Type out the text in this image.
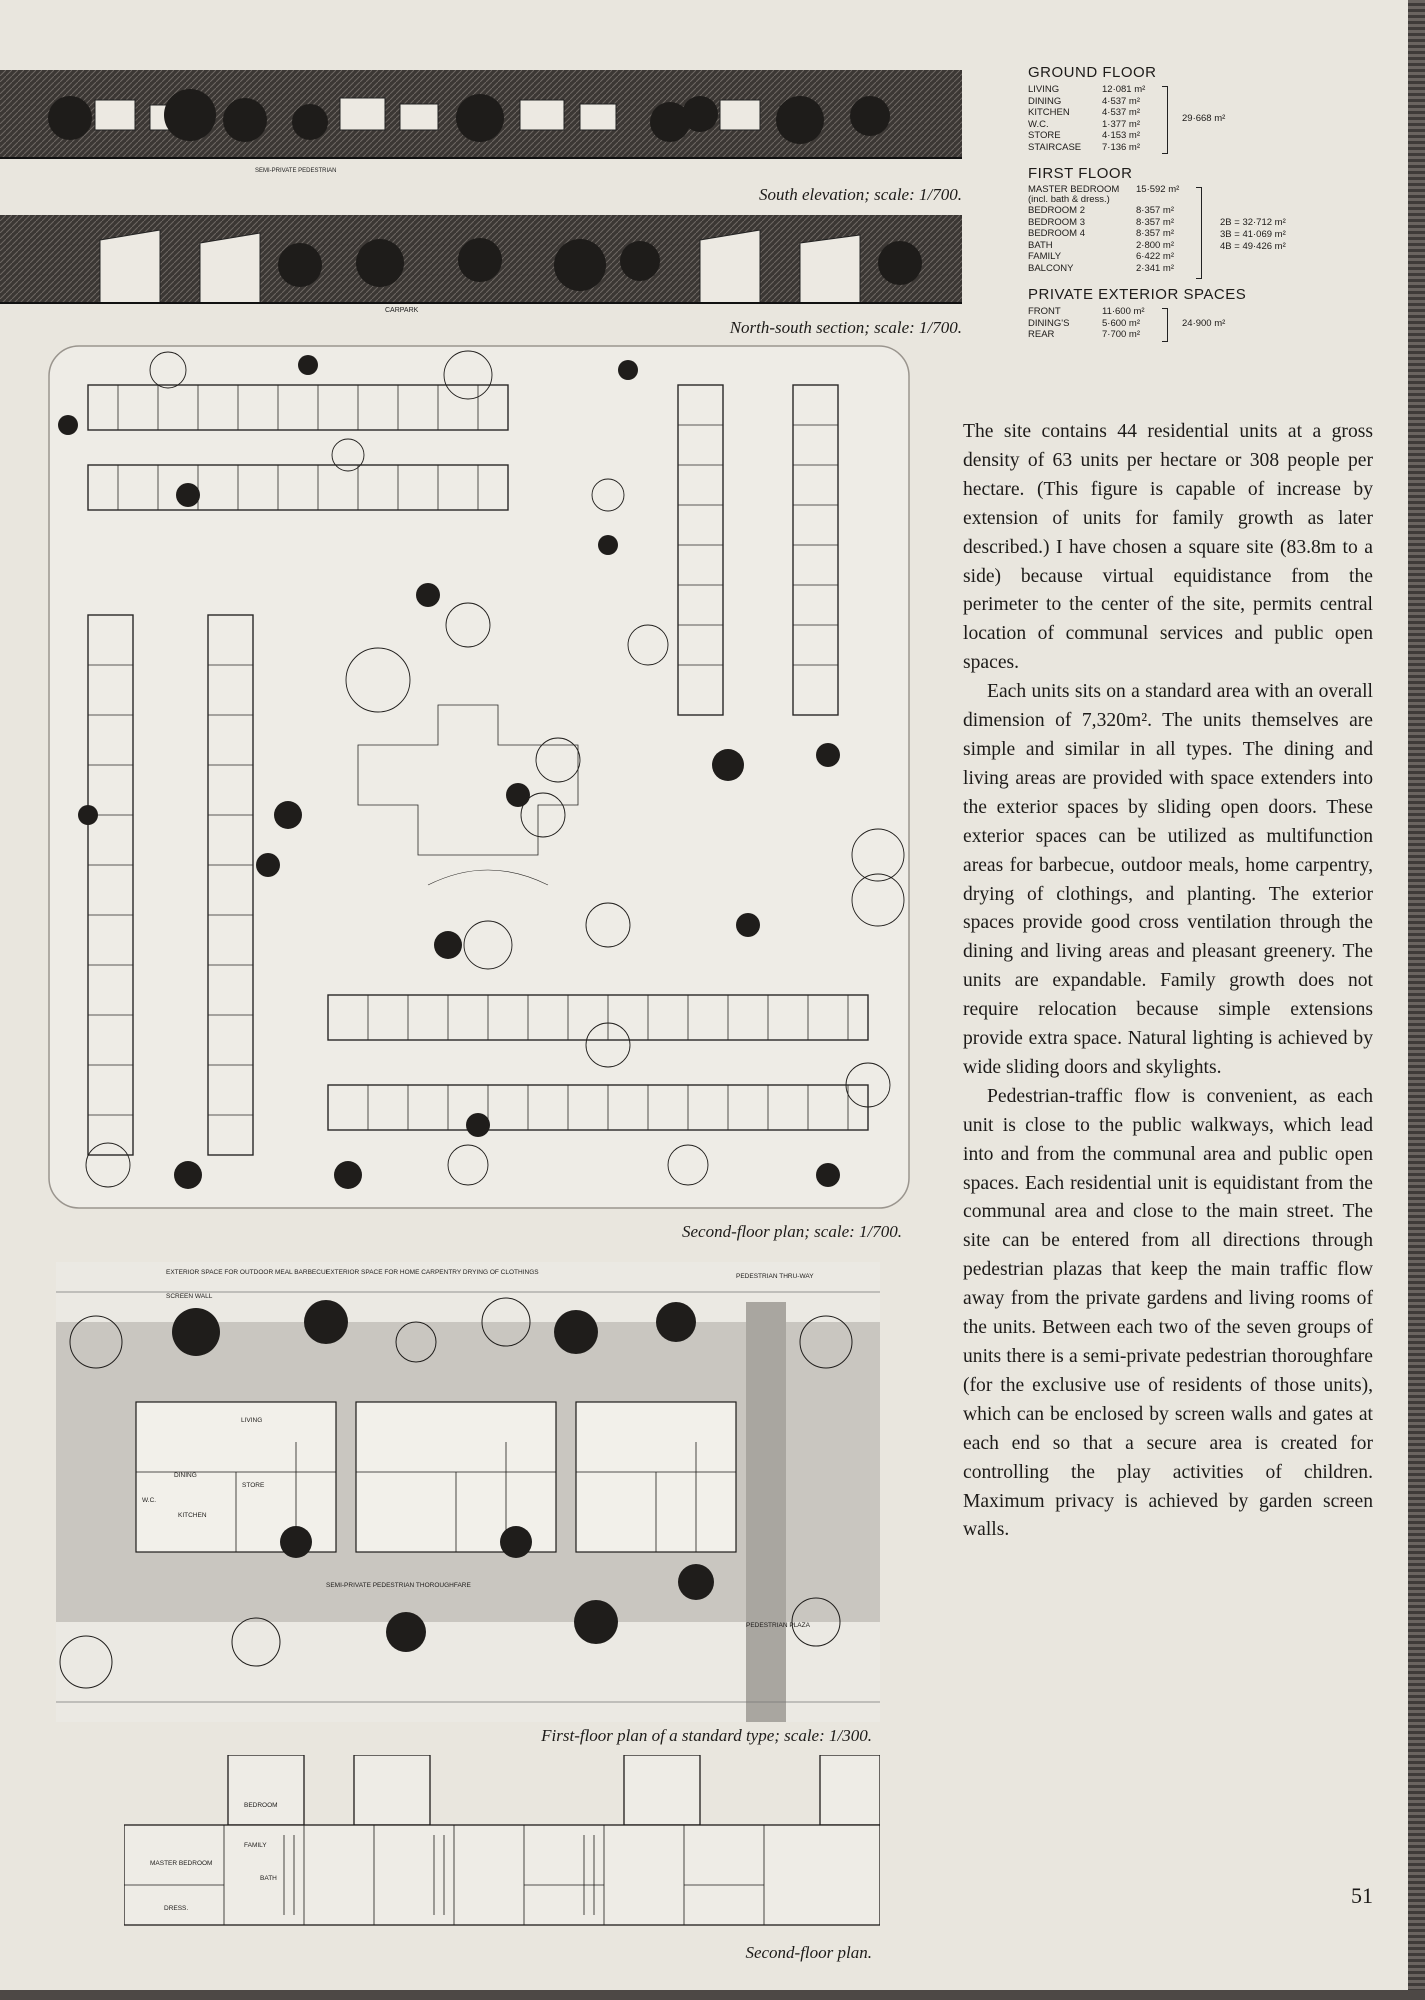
SEMI-PRIVATE PEDESTRIAN
South elevation; scale: 1/700.
CARPARK
North-south section; scale: 1/700.
Second-floor plan; scale: 1/700.
EXTERIOR SPACE FOR OUTDOOR MEAL BARBECUE
SCREEN WALL
EXTERIOR SPACE FOR HOME CARPENTRY DRYING OF CLOTHINGS
PEDESTRIAN THRU-WAY
LIVING
DINING
KITCHEN
STORE
W.C.
SEMI-PRIVATE PEDESTRIAN THOROUGHFARE
PEDESTRIAN PLAZA
First-floor plan of a standard type; scale: 1/300.
BEDROOM
MASTER BEDROOM
FAMILY
BATH
DRESS.
Second-floor plan.
GROUND FLOOR
LIVING	12·081 m²
DINING	4·537 m²
KITCHEN	4·537 m²
W.C.	1·377 m²
STORE	4·153 m²
STAIRCASE	7·136 m²
29·668 m²
FIRST FLOOR
MASTER BEDROOM (incl. bath & dress.)
15·592 m²
BEDROOM 2	8·357 m²
BEDROOM 3	8·357 m²
BEDROOM 4	8·357 m²
BATH	2·800 m²
FAMILY	6·422 m²
BALCONY	2·341 m²
2B = 32·712 m²
3B = 41·069 m²
4B = 49·426 m²
PRIVATE EXTERIOR SPACES
FRONT	11·600 m²
DINING'S	5·600 m²
REAR	7·700 m²
24·900 m²

The site contains 44 residential units at a gross density of 63 units per hectare or 308 people per hectare. (This figure is capable of increase by extension of units for family growth as later described.) I have chosen a square site (83.8m to a side) because virtual equidistance from the perimeter to the center of the site, permits central location of communal services and public open spaces.

Each units sits on a standard area with an overall dimension of 7,320m². The units themselves are simple and similar in all types. The dining and living areas are provided with space extenders into the exterior spaces by sliding open doors. These exterior spaces can be utilized as multifunction areas for barbecue, outdoor meals, home carpentry, drying of clothings, and planting. The exterior spaces provide good cross ventilation through the dining and living areas and pleasant greenery. The units are expandable. Family growth does not require relocation because simple extensions provide extra space. Natural lighting is achieved by wide sliding doors and skylights.

Pedestrian-traffic flow is convenient, as each unit is close to the public walkways, which lead into and from the communal area and public open spaces. Each residential unit is equidistant from the communal area and close to the main street. The site can be entered from all directions through pedestrian plazas that keep the main traffic flow away from the private gardens and living rooms of the units. Between each two of the seven groups of units there is a semi-private pedestrian thoroughfare (for the exclusive use of residents of those units), which can be enclosed by screen walls and gates at each end so that a secure area is created for controlling the play activities of children. Maximum privacy is achieved by garden screen walls.

51
